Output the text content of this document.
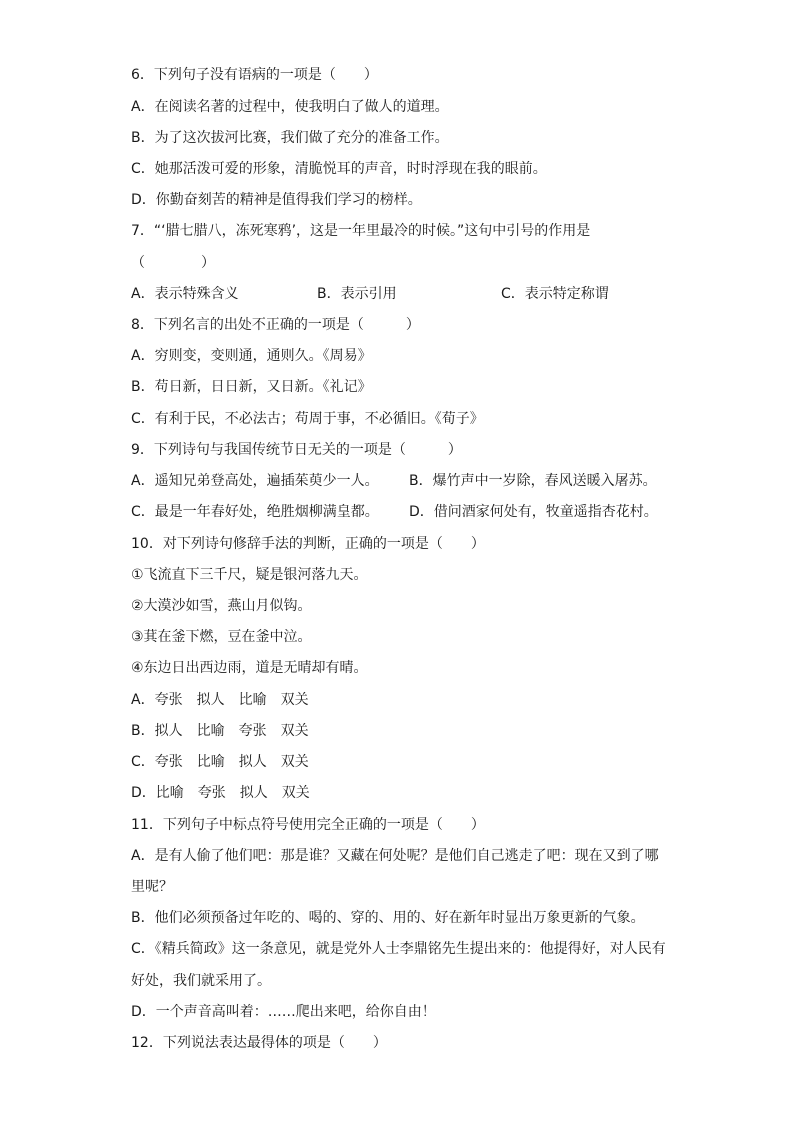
6．下列句子没有语病的一项是（　　）
A．在阅读名著的过程中，使我明白了做人的道理。
B．为了这次拔河比赛，我们做了充分的准备工作。
C．她那活泼可爱的形象，清脆悦耳的声音，时时浮现在我的眼前。
D．你勤奋刻苦的精神是值得我们学习的榜样。
7．“‘腊七腊八，冻死寒鸦’，这是一年里最冷的时候。”这句中引号的作用是
（　　　　）
A．表示特殊含义	B．表示引用	C．表示特定称谓
8．下列名言的出处不正确的一项是（　　　）
A．穷则变，变则通，通则久。《周易》
B．苟日新，日日新，又日新。《礼记》
C．有利于民，不必法古；苟周于事，不必循旧。《荀子》
9．下列诗句与我国传统节日无关的一项是（　　　）
A．遥知兄弟登高处，遍插茱萸少一人。 B．爆竹声中一岁除，春风送暖入屠苏。
C．最是一年春好处，绝胜烟柳满皇都。 D．借问酒家何处有，牧童遥指杏花村。
10．对下列诗句修辞手法的判断，正确的一项是（　　）
①飞流直下三千尺，疑是银河落九天。
②大漠沙如雪，燕山月似钩。
③萁在釜下燃，豆在釜中泣。
④东边日出西边雨，道是无晴却有晴。
A．夸张　拟人　比喻　双关
B．拟人　比喻　夸张　双关
C．夸张　比喻　拟人　双关
D．比喻　夸张　拟人　双关
11．下列句子中标点符号使用完全正确的一项是（　　）
A．是有人偷了他们吧：那是谁？又藏在何处呢？是他们自己逃走了吧：现在又到了哪
里呢？
B．他们必须预备过年吃的、喝的、穿的、用的、好在新年时显出万象更新的气象。
C．《精兵简政》这一条意见，就是党外人士李鼎铭先生提出来的：他提得好，对人民有
好处，我们就采用了。
D．一个声音高叫着：……爬出来吧，给你自由！
12．下列说法表达最得体的项是（　　）
